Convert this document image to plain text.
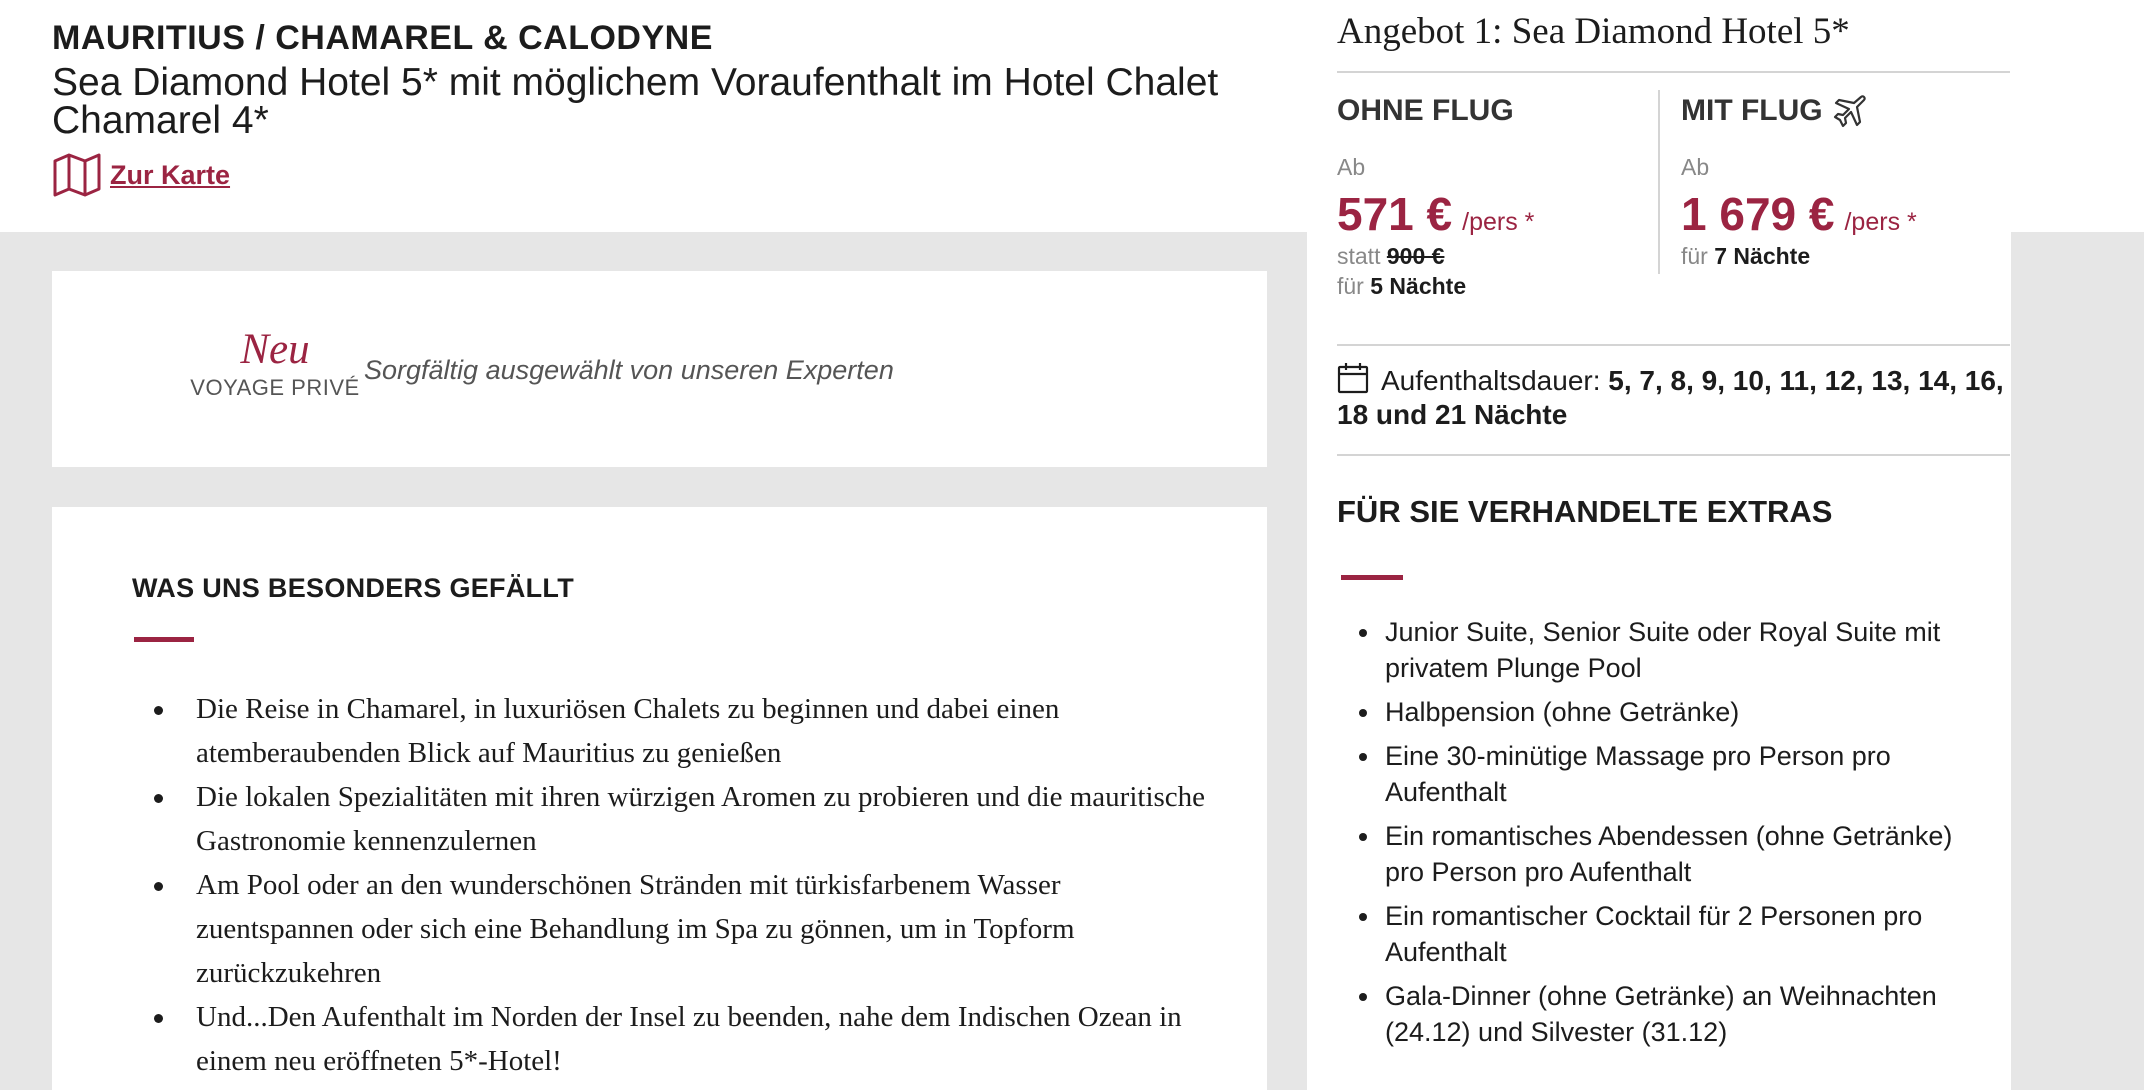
MAURITIUS / CHAMAREL & CALODYNE
Sea Diamond Hotel 5* mit möglichem Voraufenthalt im Hotel Chalet Chamarel 4*
Zur Karte
Neu
VOYAGE PRIVÉ
Sorgfältig ausgewählt von unseren Experten
WAS UNS BESONDERS GEFÄLLT
Die Reise in Chamarel, in luxuriösen Chalets zu beginnen und dabei einen atemberaubenden Blick auf Mauritius zu genießen
Die lokalen Spezialitäten mit ihren würzigen Aromen zu probieren und die mauritische Gastronomie kennenzulernen
Am Pool oder an den wunderschönen Stränden mit türkisfarbenem Wasser zuentspannen oder sich eine Behandlung im Spa zu gönnen, um in Topform zurückzukehren
Und...Den Aufenthalt im Norden der Insel zu beenden, nahe dem Indischen Ozean in einem neu eröffneten 5*-Hotel!
Angebot 1: Sea Diamond Hotel 5*
OHNE FLUG
Ab
571 € /pers *
statt 900 €
für 5 Nächte
MIT FLUG
Ab
1 679 € /pers *
für 7 Nächte
Aufenthaltsdauer: 5, 7, 8, 9, 10, 11, 12, 13, 14, 16, 18 und 21 Nächte
FÜR SIE VERHANDELTE EXTRAS
Junior Suite, Senior Suite oder Royal Suite mit privatem Plunge Pool
Halbpension (ohne Getränke)
Eine 30-minütige Massage pro Person pro Aufenthalt
Ein romantisches Abendessen (ohne Getränke) pro Person pro Aufenthalt
Ein romantischer Cocktail für 2 Personen pro Aufenthalt
Gala-Dinner (ohne Getränke) an Weihnachten (24.12) und Silvester (31.12)
